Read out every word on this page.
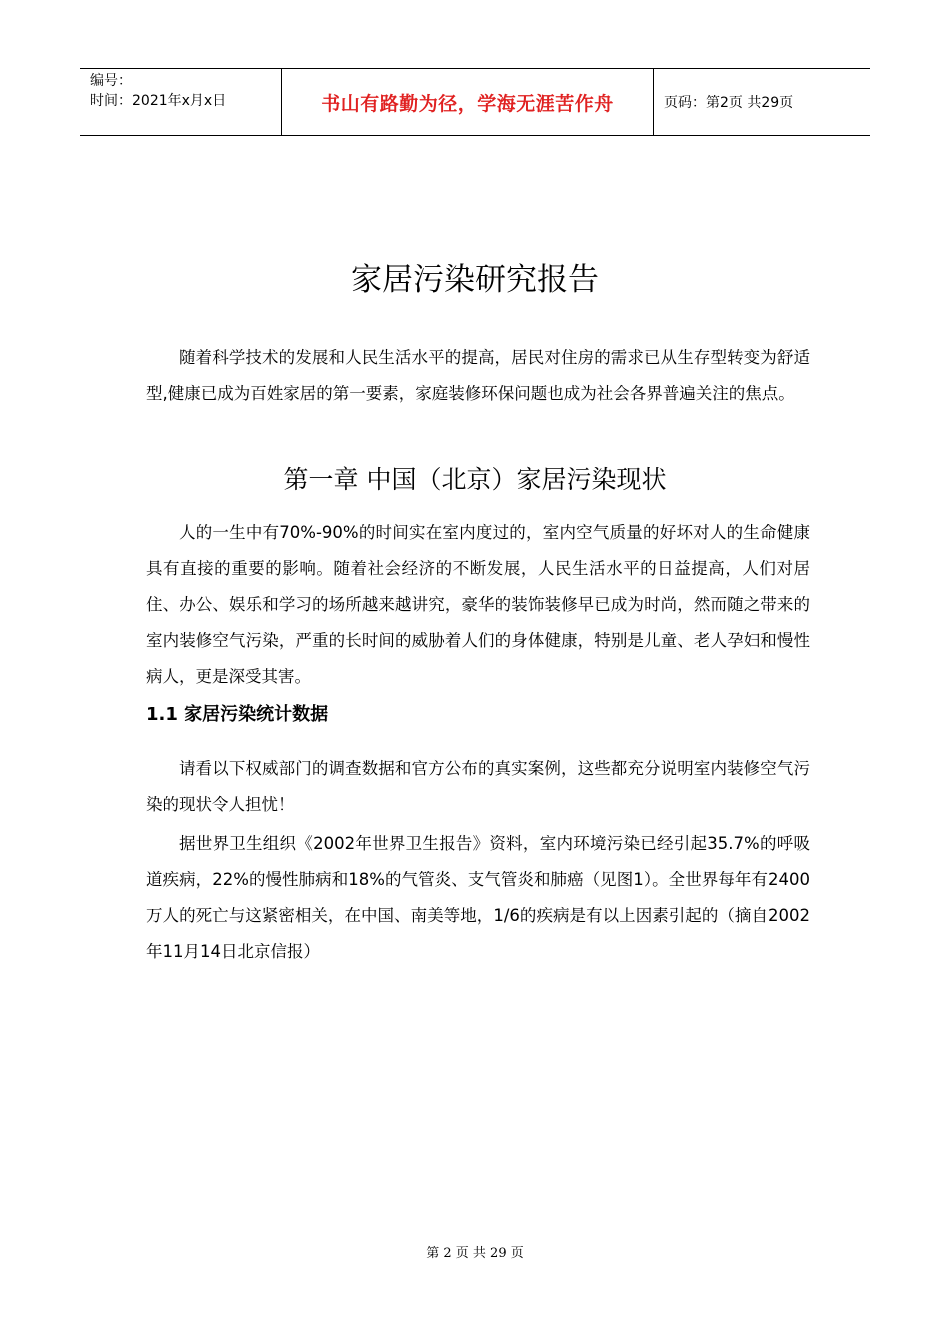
编号：
时间：2021年x月x日	书山有路勤为径，学海无涯苦作舟	页码：第2页 共29页
家居污染研究报告

随着科学技术的发展和人民生活水平的提高，居民对住房的需求已从生存型转变为舒适型,健康已成为百姓家居的第一要素，家庭装修环保问题也成为社会各界普遍关注的焦点。

第一章 中国（北京）家居污染现状

人的一生中有70%-90%的时间实在室内度过的，室内空气质量的好坏对人的生命健康具有直接的重要的影响。随着社会经济的不断发展，人民生活水平的日益提高，人们对居住、办公、娱乐和学习的场所越来越讲究，豪华的装饰装修早已成为时尚，然而随之带来的室内装修空气污染，严重的长时间的威胁着人们的身体健康，特别是儿童、老人孕妇和慢性病人，更是深受其害。

1.1 家居污染统计数据

请看以下权威部门的调查数据和官方公布的真实案例，这些都充分说明室内装修空气污染的现状令人担忧！

据世界卫生组织《2002年世界卫生报告》资料，室内环境污染已经引起35.7%的呼吸道疾病，22%的慢性肺病和18%的气管炎、支气管炎和肺癌（见图1）。全世界每年有2400万人的死亡与这紧密相关，在中国、南美等地，1/6的疾病是有以上因素引起的（摘自2002年11月14日北京信报）

第 2 页 共 29 页
